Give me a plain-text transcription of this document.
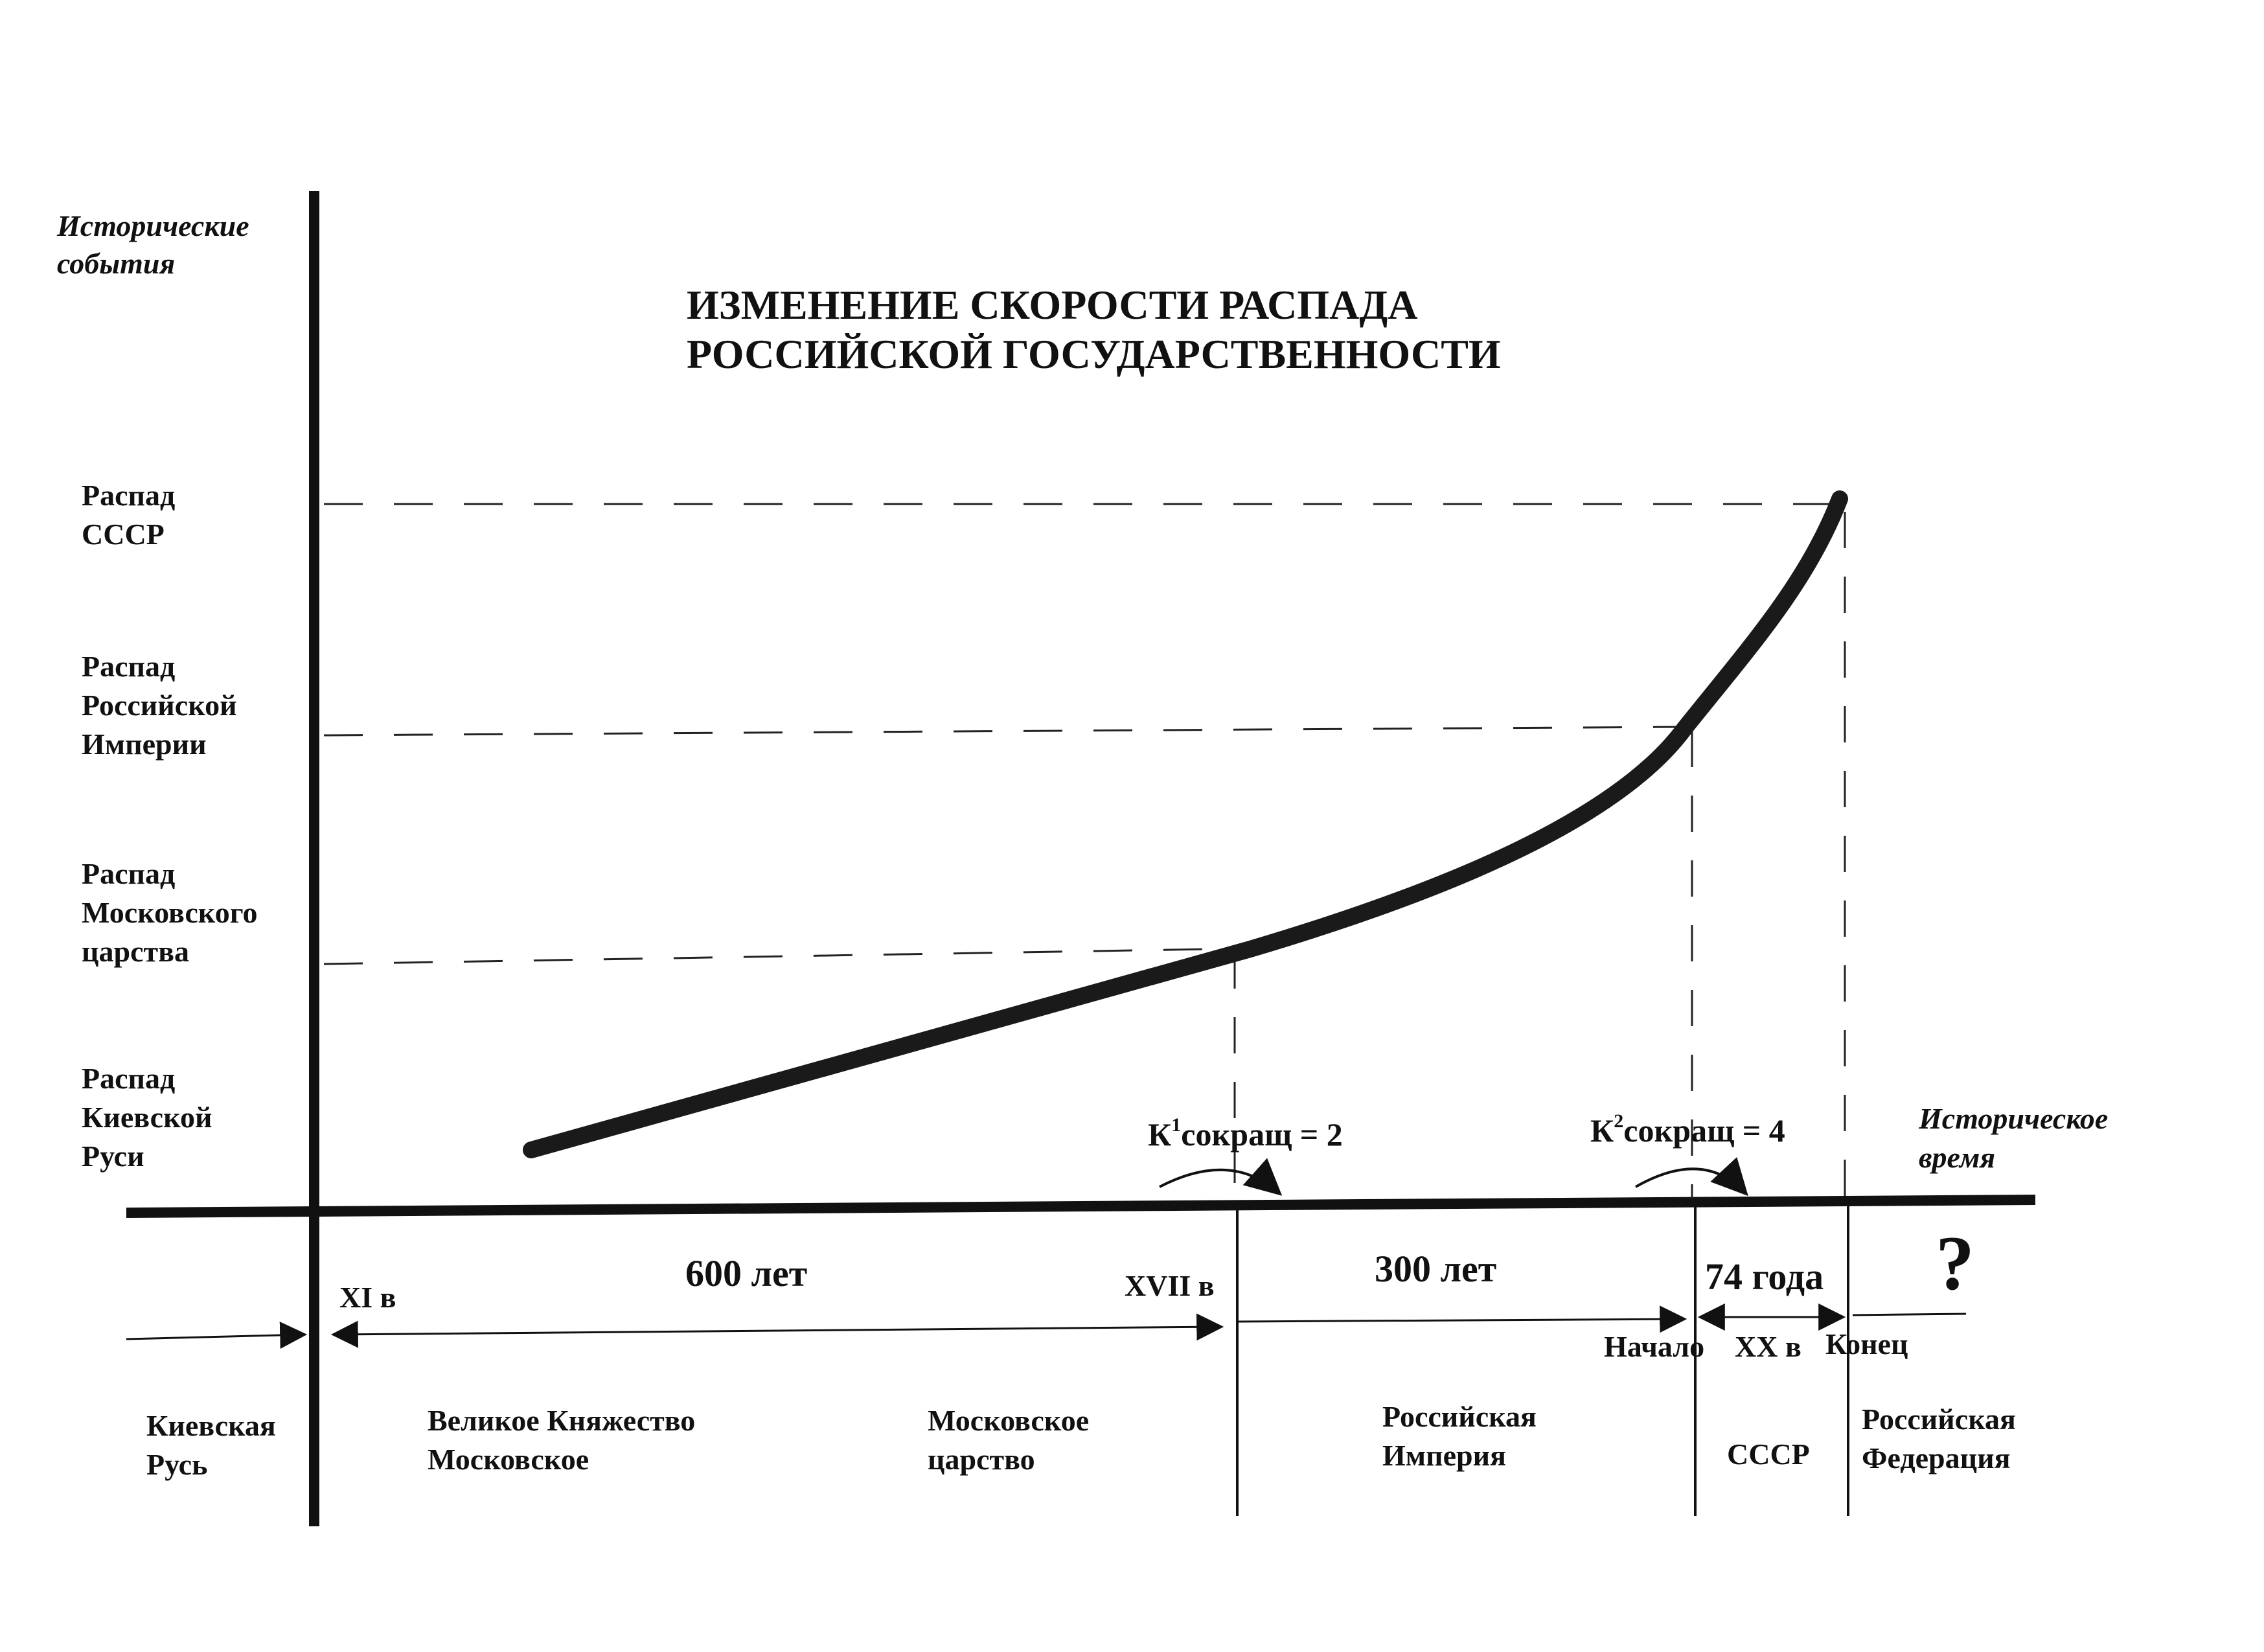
ИЗМЕНЕНИЕ СКОРОСТИ РАСПАДА
РОССИЙСКОЙ ГОСУДАРСТВЕННОСТИ
Исторические
события
Распад
СССР
Распад
Российской
Империи
Распад
Московского
царства
Распад
Киевской
Руси
$К^1сокращ = 2$	$К^2сокращ = 4$	Историческое
время
600 лет	300 лет	74 года ?
XI в	XVII в
Начало XX в Конец
Киевская
Русь
Великое Княжество
Московское
Московское
царство
Российская
Империя	СССР
Российская
Федерация
